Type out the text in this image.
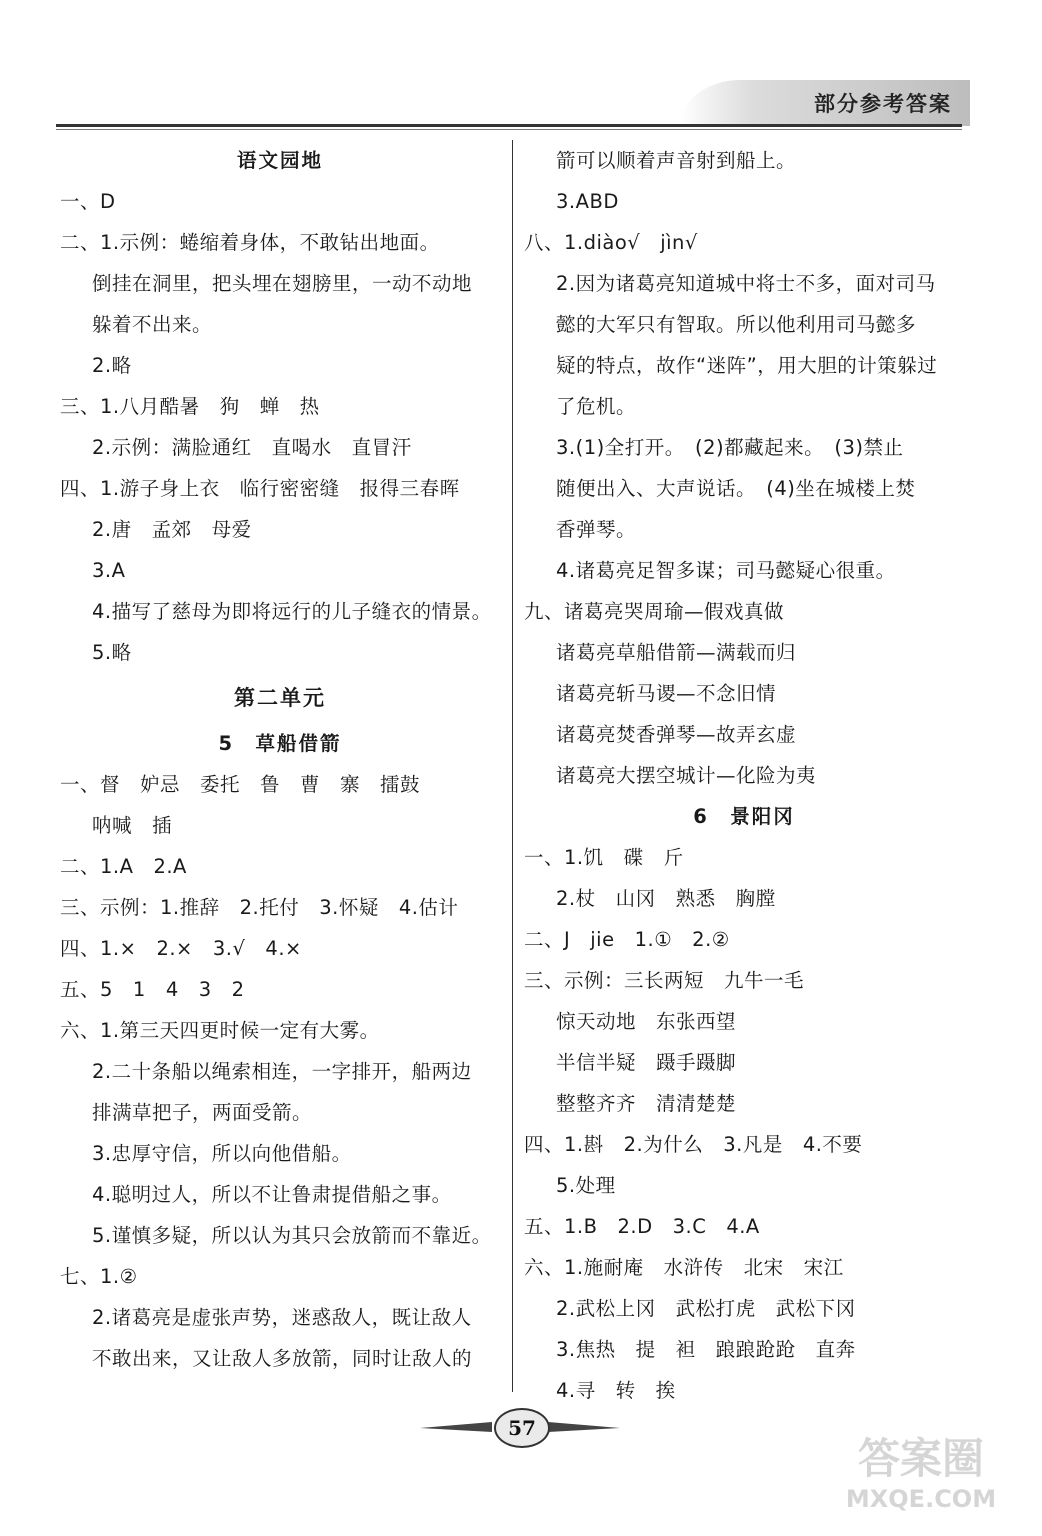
部分参考答案
语文园地
一、D
二、1.示例：蜷缩着身体，不敢钻出地面。
倒挂在洞里，把头埋在翅膀里，一动不动地
躲着不出来。
2.略
三、1.八月酷暑　狗　蝉　热
2.示例：满脸通红　直喝水　直冒汗
四、1.游子身上衣　临行密密缝　报得三春晖
2.唐　孟郊　母爱
3.A
4.描写了慈母为即将远行的儿子缝衣的情景。
5.略
第二单元
5　草船借箭
一、督　妒忌　委托　鲁　曹　寨　擂鼓
呐喊　插
二、1.A　2.A
三、示例：1.推辞　2.托付　3.怀疑　4.估计
四、1.×　2.×　3.√　4.×
五、5　1　4　3　2
六、1.第三天四更时候一定有大雾。
2.二十条船以绳索相连，一字排开，船两边
排满草把子，两面受箭。
3.忠厚守信，所以向他借船。
4.聪明过人，所以不让鲁肃提借船之事。
5.谨慎多疑，所以认为其只会放箭而不靠近。
七、1.②
2.诸葛亮是虚张声势，迷惑敌人，既让敌人
不敢出来，又让敌人多放箭，同时让敌人的
箭可以顺着声音射到船上。
3.ABD
八、1.diào√　jìn√
2.因为诸葛亮知道城中将士不多，面对司马
懿的大军只有智取。所以他利用司马懿多
疑的特点，故作“迷阵”，用大胆的计策躲过
了危机。
3.(1)全打开。　(2)都藏起来。　(3)禁止
随便出入、大声说话。　(4)坐在城楼上焚
香弹琴。
4.诸葛亮足智多谋；司马懿疑心很重。
九、诸葛亮哭周瑜—假戏真做
诸葛亮草船借箭—满载而归
诸葛亮斩马谡—不念旧情
诸葛亮焚香弹琴—故弄玄虚
诸葛亮大摆空城计—化险为夷
6　景阳冈
一、1.饥　碟　斤
2.杖　山冈　熟悉　胸膛
二、J　jie　1.①　2.②
三、示例：三长两短　九牛一毛
惊天动地　东张西望
半信半疑　蹑手蹑脚
整整齐齐　清清楚楚
四、1.斟　2.为什么　3.凡是　4.不要
5.处理
五、1.B　2.D　3.C　4.A
六、1.施耐庵　水浒传　北宋　宋江
2.武松上冈　武松打虎　武松下冈
3.焦热　提　袒　踉踉跄跄　直奔
4.寻　转　挨
57
答案圈
MXQE.COM
